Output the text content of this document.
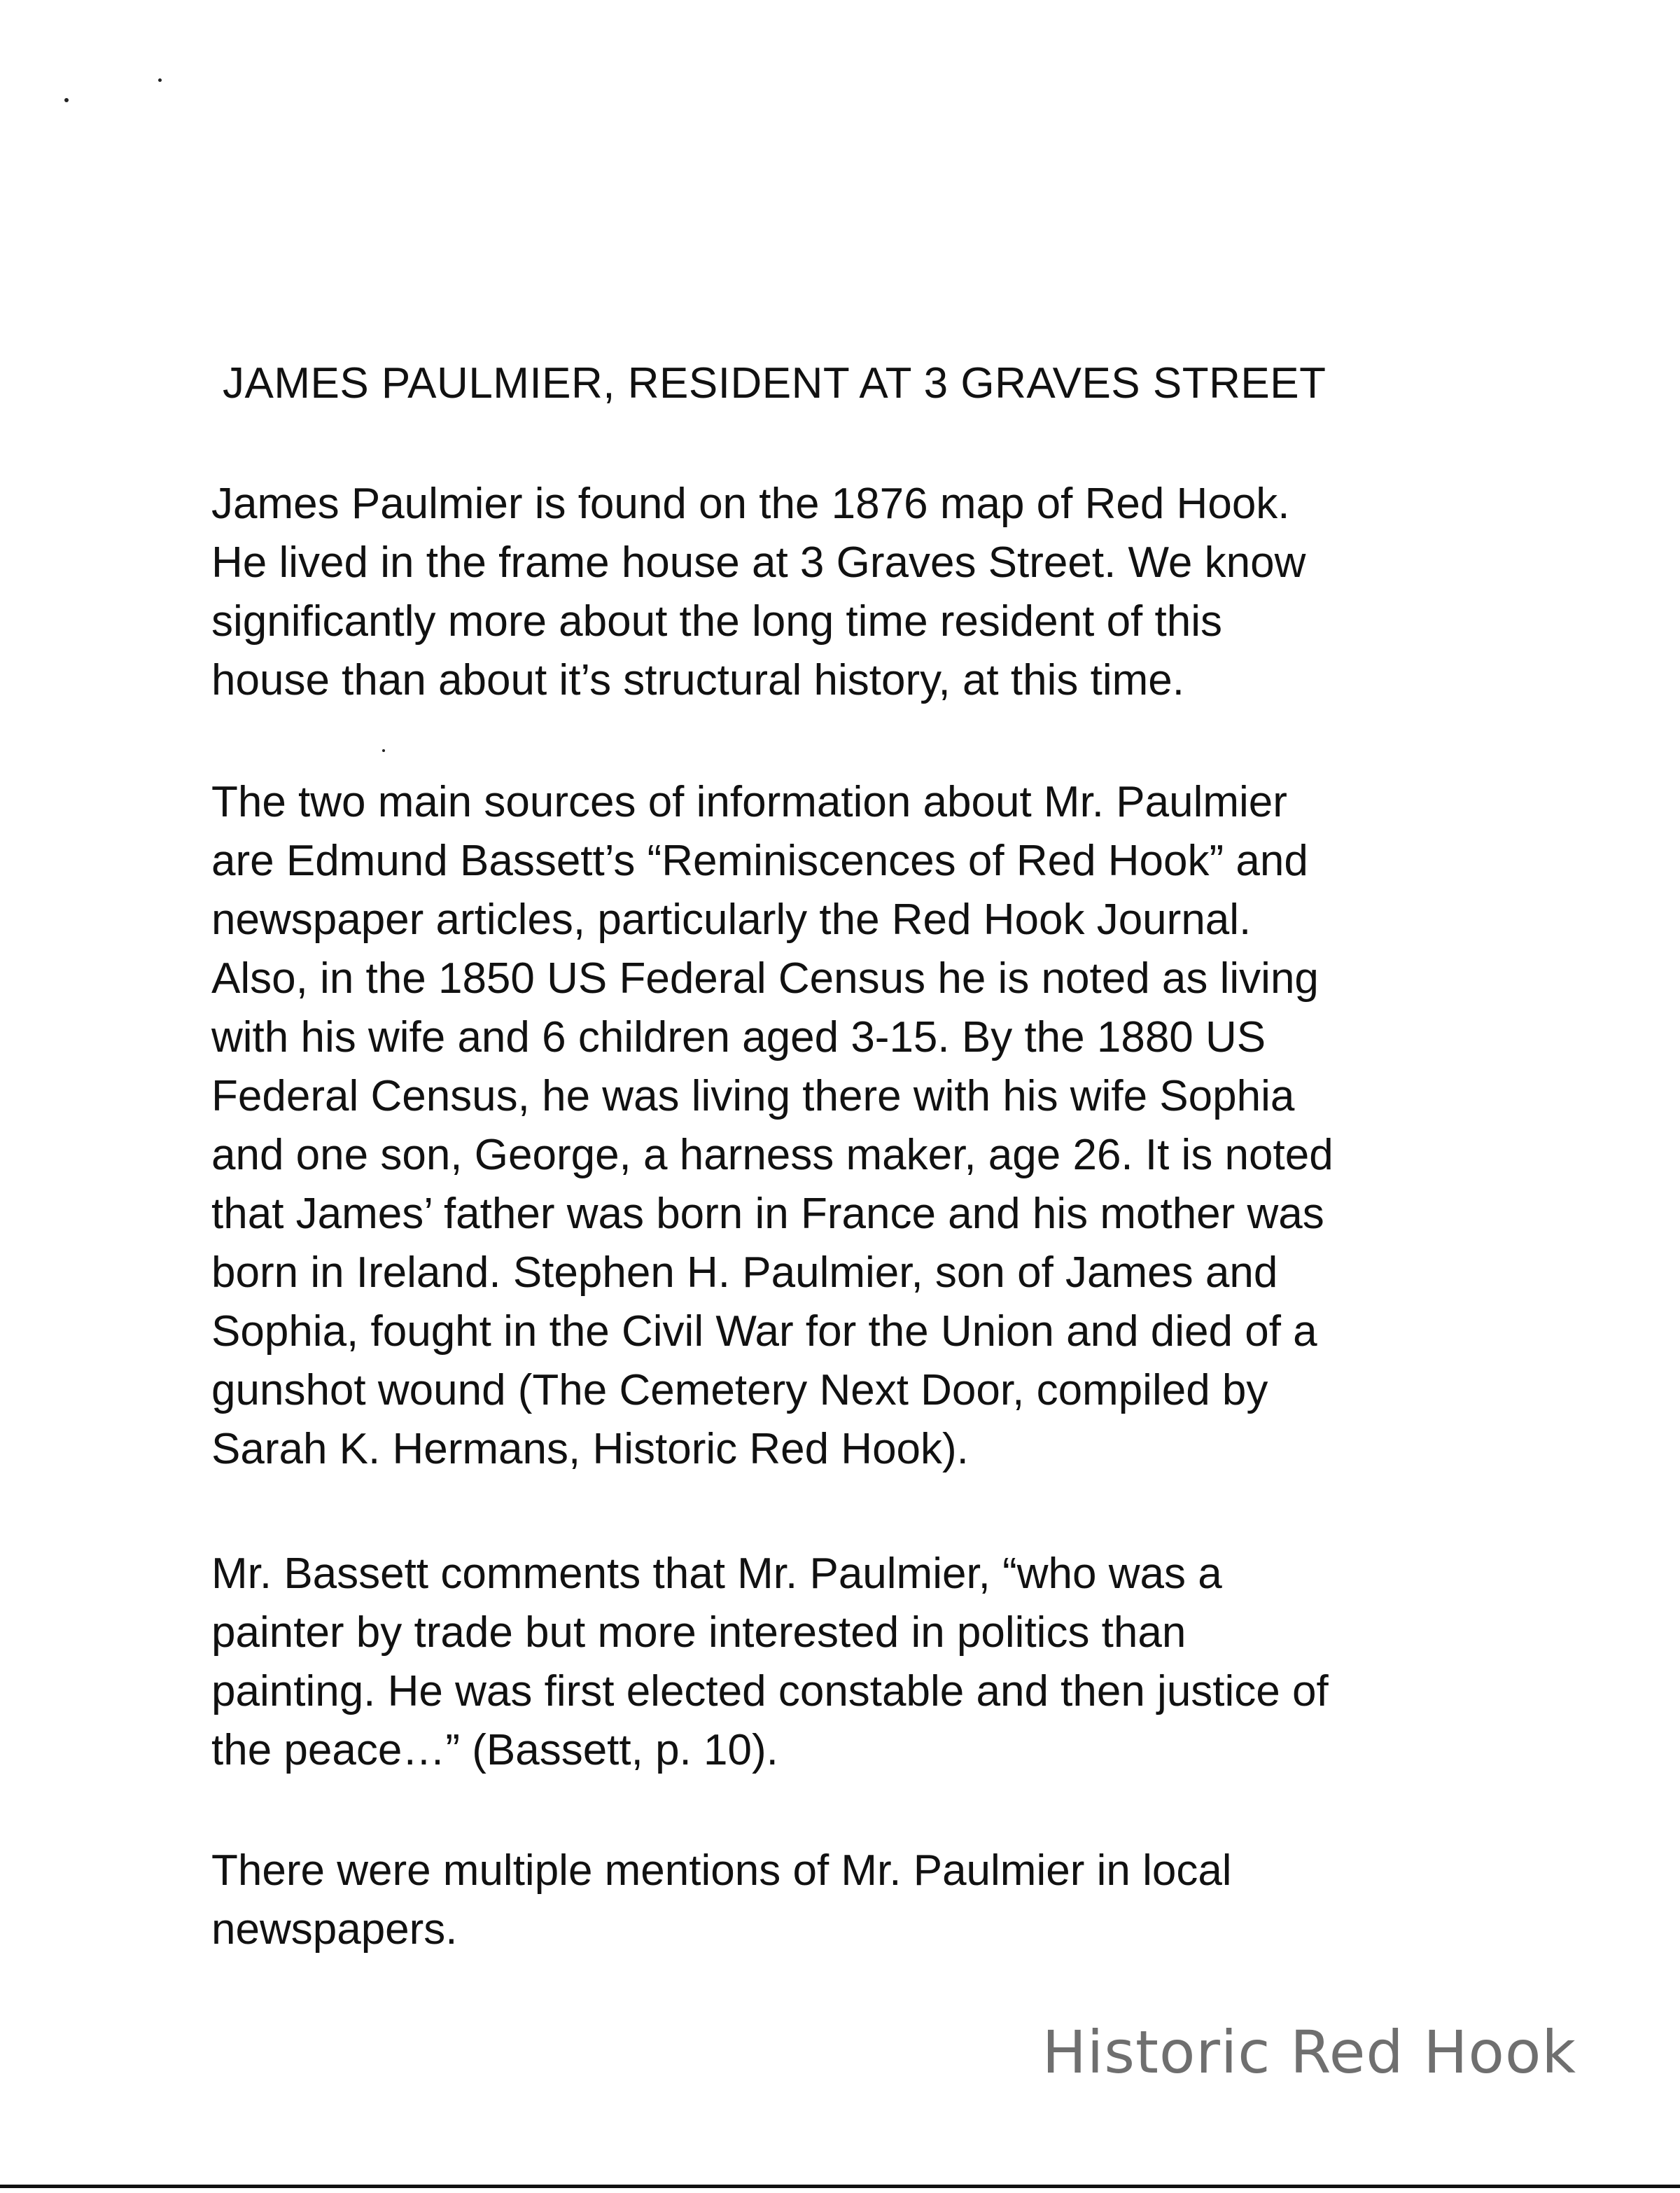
JAMES PAULMIER, RESIDENT AT 3 GRAVES STREET
James Paulmier is found on the 1876 map of Red Hook.
He lived in the frame house at 3 Graves Street. We know
significantly more about the long time resident of this
house than about it’s structural history, at this time.
The two main sources of information about Mr. Paulmier
are Edmund Bassett’s “Reminiscences of Red Hook” and
newspaper articles, particularly the Red Hook Journal.
Also, in the 1850 US Federal Census he is noted as living
with his wife and 6 children aged 3-15. By the 1880 US
Federal Census, he was living there with his wife Sophia
and one son, George, a harness maker, age 26. It is noted
that James’ father was born in France and his mother was
born in Ireland. Stephen H. Paulmier, son of James and
Sophia, fought in the Civil War for the Union and died of a
gunshot wound (The Cemetery Next Door, compiled by
Sarah K. Hermans, Historic Red Hook).
Mr. Bassett comments that Mr. Paulmier, “who was a
painter by trade but more interested in politics than
painting. He was first elected constable and then justice of
the peace…” (Bassett, p. 10).
There were multiple mentions of Mr. Paulmier in local
newspapers.
Historic Red Hook
